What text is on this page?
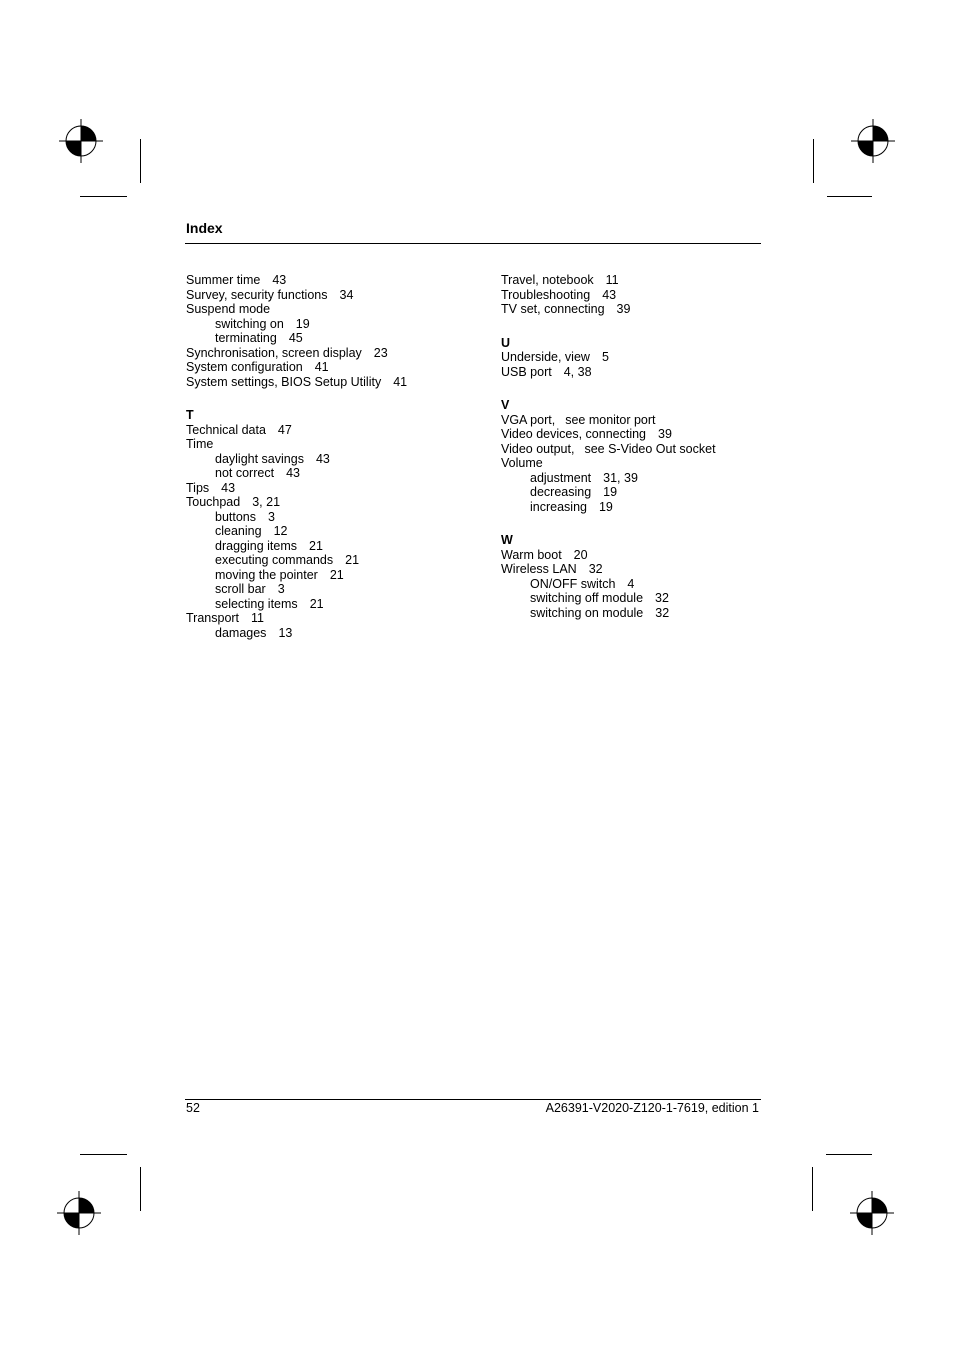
Index
Summer time 43
Survey, security functions 34
Suspend mode
switching on 19
terminating 45
Synchronisation, screen display 23
System configuration 41
System settings, BIOS Setup Utility 41
T
Technical data 47
Time
daylight savings 43
not correct 43
Tips 43
Touchpad 3, 21
buttons 3
cleaning 12
dragging items 21
executing commands 21
moving the pointer 21
scroll bar 3
selecting items 21
Transport 11
damages 13
Travel, notebook 11
Troubleshooting 43
TV set, connecting 39
U
Underside, view 5
USB port 4, 38
V
VGA port, see monitor port
Video devices, connecting 39
Video output, see S-Video Out socket
Volume
adjustment 31, 39
decreasing 19
increasing 19
W
Warm boot 20
Wireless LAN 32
ON/OFF switch 4
switching off module 32
switching on module 32
52	A26391-V2020-Z120-1-7619, edition 1
